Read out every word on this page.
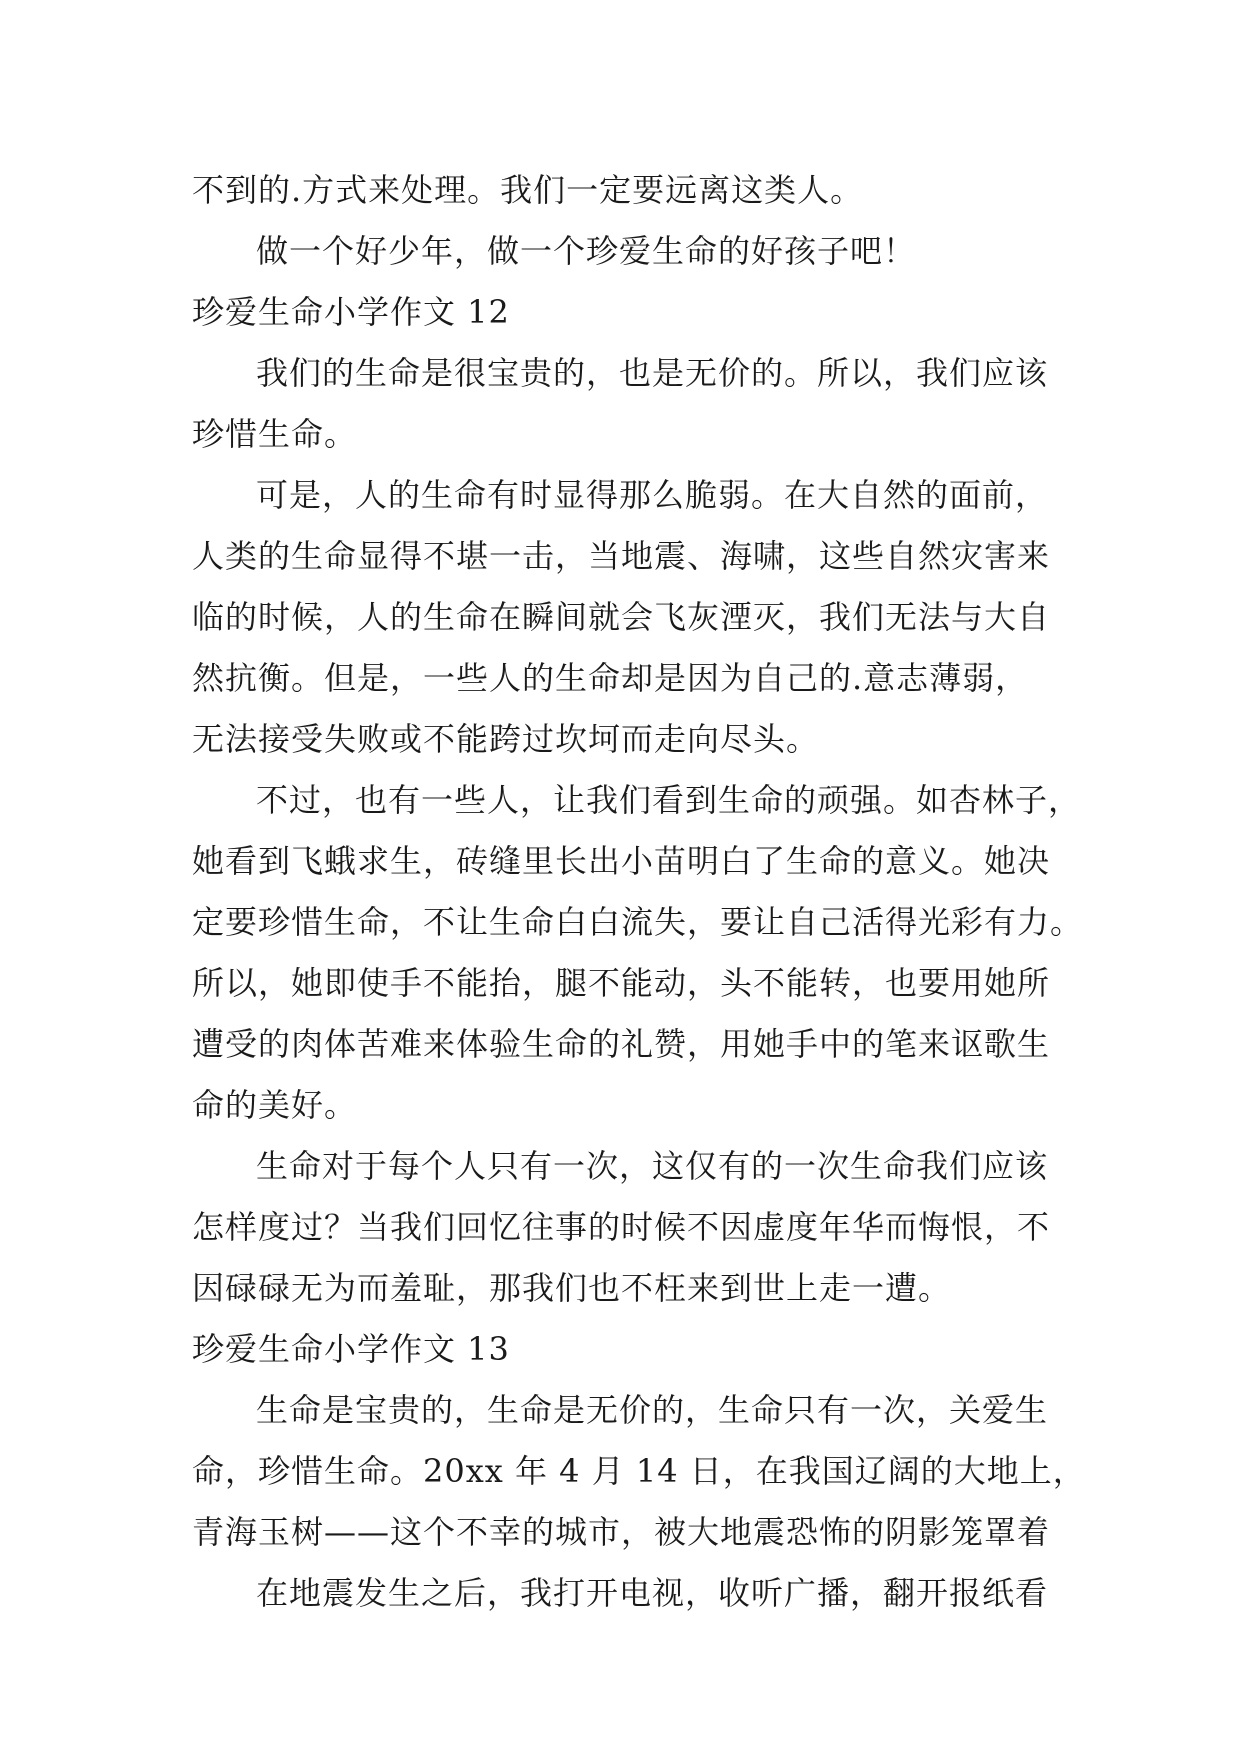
不到的.方式来处理。我们一定要远离这类人。
做一个好少年，做一个珍爱生命的好孩子吧！
珍爱生命小学作文 12
我们的生命是很宝贵的，也是无价的。所以，我们应该
珍惜生命。
可是，人的生命有时显得那么脆弱。在大自然的面前，
人类的生命显得不堪一击，当地震、海啸，这些自然灾害来
临的时候，人的生命在瞬间就会飞灰湮灭，我们无法与大自
然抗衡。但是，一些人的生命却是因为自己的.意志薄弱，
无法接受失败或不能跨过坎坷而走向尽头。
不过，也有一些人，让我们看到生命的顽强。如杏林子，
她看到飞蛾求生，砖缝里长出小苗明白了生命的意义。她决
定要珍惜生命，不让生命白白流失，要让自己活得光彩有力。
所以，她即使手不能抬，腿不能动，头不能转，也要用她所
遭受的肉体苦难来体验生命的礼赞，用她手中的笔来讴歌生
命的美好。
生命对于每个人只有一次，这仅有的一次生命我们应该
怎样度过？当我们回忆往事的时候不因虚度年华而悔恨，不
因碌碌无为而羞耻，那我们也不枉来到世上走一遭。
珍爱生命小学作文 13
生命是宝贵的，生命是无价的，生命只有一次，关爱生
命，珍惜生命。20xx 年 4 月 14 日，在我国辽阔的大地上，
青海玉树——这个不幸的城市，被大地震恐怖的阴影笼罩着
在地震发生之后，我打开电视，收听广播，翻开报纸看
